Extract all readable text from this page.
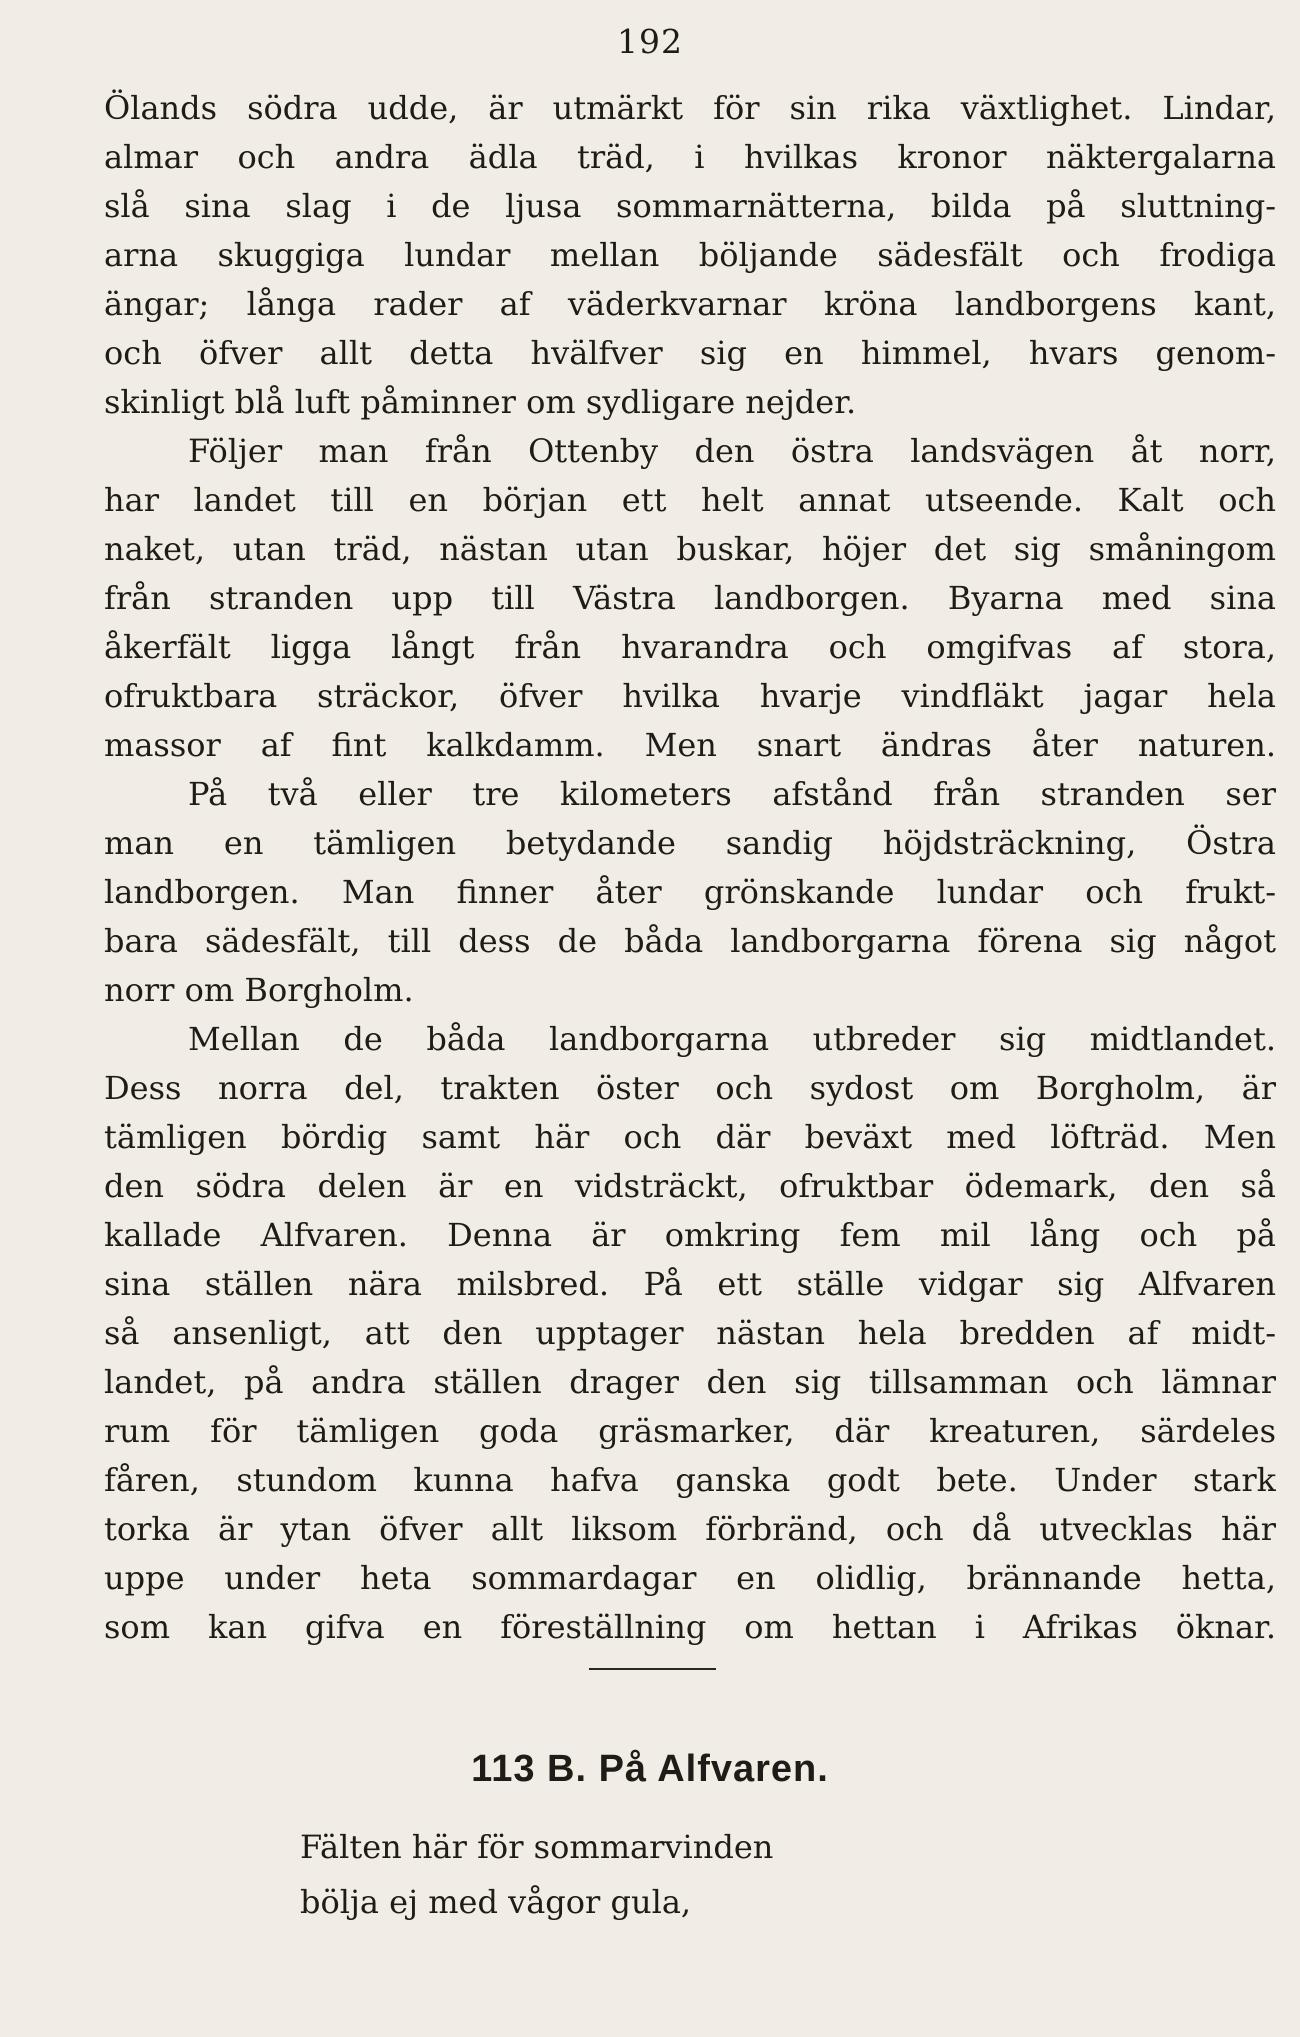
192
Ölands södra udde, är utmärkt för sin rika växtlighet. Lindar,
almar och andra ädla träd, i hvilkas kronor näktergalarna
slå sina slag i de ljusa sommarnätterna, bilda på sluttning-
arna skuggiga lundar mellan böljande sädesfält och frodiga
ängar; långa rader af väderkvarnar kröna landborgens kant,
och öfver allt detta hvälfver sig en himmel, hvars genom-
skinligt blå luft påminner om sydligare nejder.
Följer man från Ottenby den östra landsvägen åt norr,
har landet till en början ett helt annat utseende. Kalt och
naket, utan träd, nästan utan buskar, höjer det sig småningom
från stranden upp till Västra landborgen. Byarna med sina
åkerfält ligga långt från hvarandra och omgifvas af stora,
ofruktbara sträckor, öfver hvilka hvarje vindfläkt jagar hela
massor af fint kalkdamm. Men snart ändras åter naturen.
På två eller tre kilometers afstånd från stranden ser
man en tämligen betydande sandig höjdsträckning, Östra
landborgen. Man finner åter grönskande lundar och frukt-
bara sädesfält, till dess de båda landborgarna förena sig något
norr om Borgholm.
Mellan de båda landborgarna utbreder sig midtlandet.
Dess norra del, trakten öster och sydost om Borgholm, är
tämligen bördig samt här och där beväxt med löfträd. Men
den södra delen är en vidsträckt, ofruktbar ödemark, den så
kallade Alfvaren. Denna är omkring fem mil lång och på
sina ställen nära milsbred. På ett ställe vidgar sig Alfvaren
så ansenligt, att den upptager nästan hela bredden af midt-
landet, på andra ställen drager den sig tillsamman och lämnar
rum för tämligen goda gräsmarker, där kreaturen, särdeles
fåren, stundom kunna hafva ganska godt bete. Under stark
torka är ytan öfver allt liksom förbränd, och då utvecklas här
uppe under heta sommardagar en olidlig, brännande hetta,
som kan gifva en föreställning om hettan i Afrikas öknar.
113 B. På Alfvaren.
Fälten här för sommarvinden
bölja ej med vågor gula,
